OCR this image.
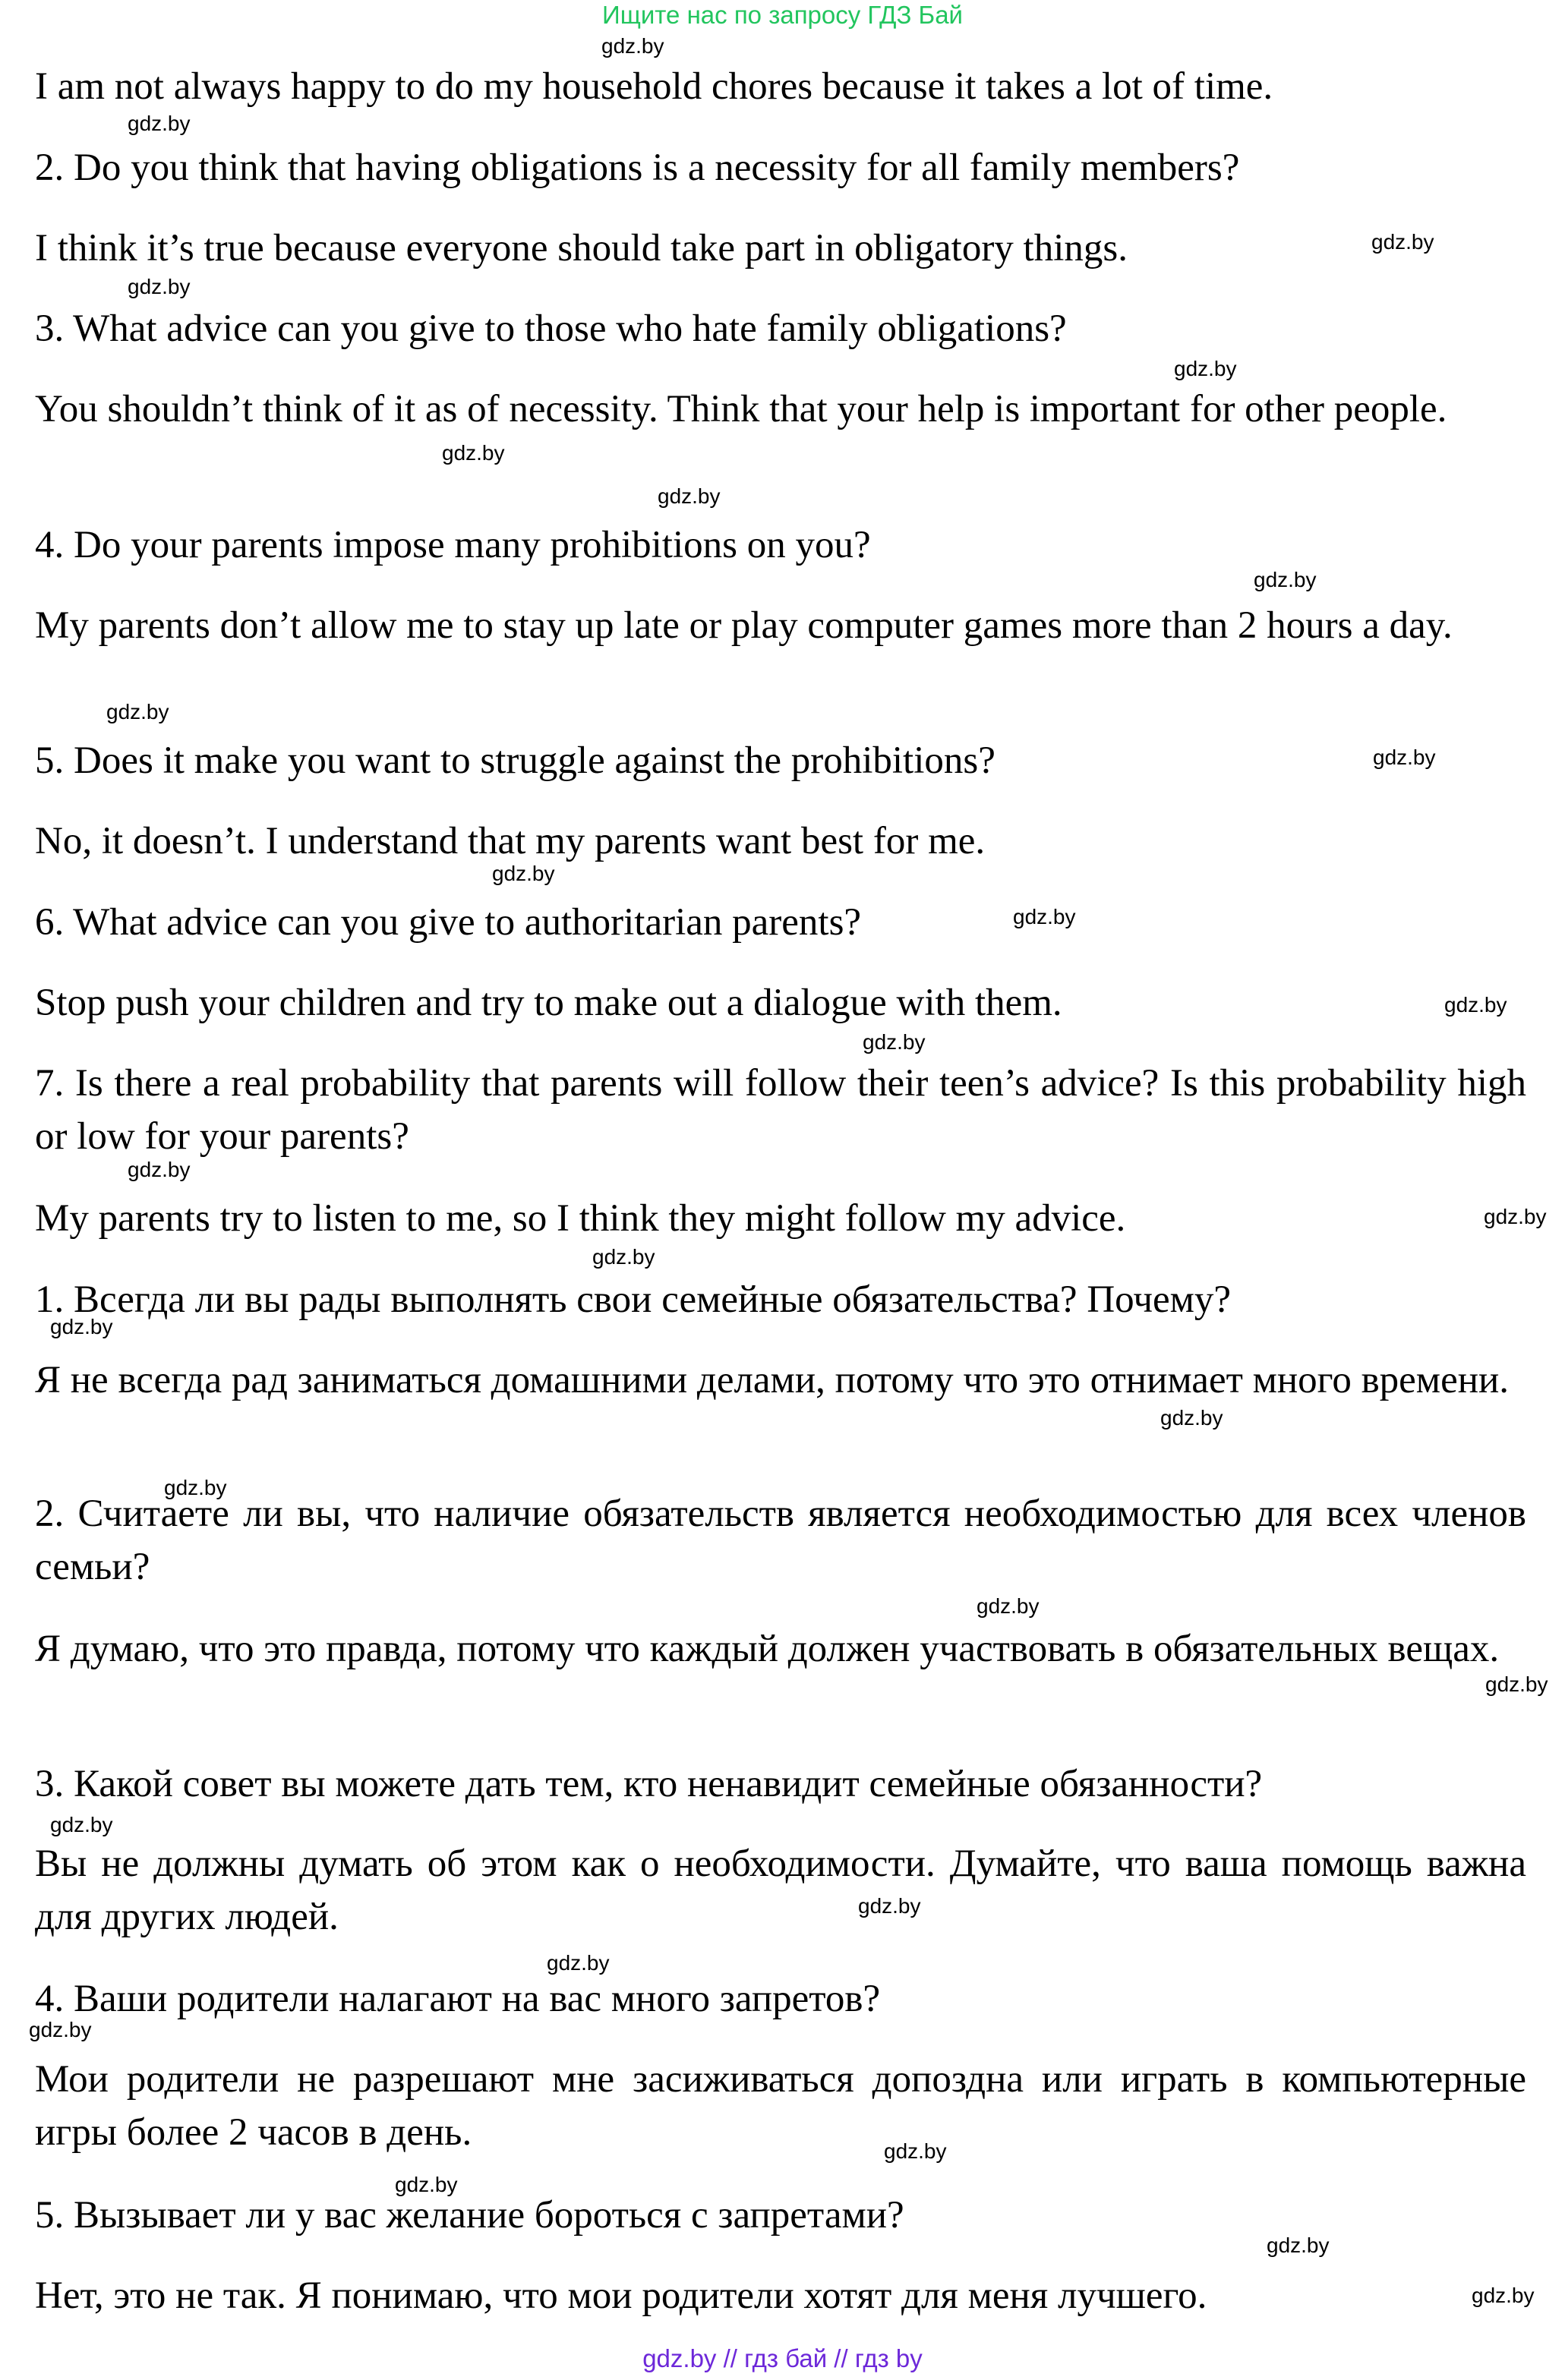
Ищите нас по запросу ГДЗ Бай
I am not always happy to do my household chores because it takes a lot of time.
2. Do you think that having obligations is a necessity for all family members?
I think it’s true because everyone should take part in obligatory things.
3. What advice can you give to those who hate family obligations?
You shouldn’t think of it as of necessity. Think that your help is important for other people.
4. Do your parents impose many prohibitions on you?
My parents don’t allow me to stay up late or play computer games more than 2 hours a day.
5. Does it make you want to struggle against the prohibitions?
No, it doesn’t. I understand that my parents want best for me.
6. What advice can you give to authoritarian parents?
Stop push your children and try to make out a dialogue with them.
7. Is there a real probability that parents will follow their teen’s advice? Is this probability high or low for your parents?
My parents try to listen to me, so I think they might follow my advice.
1. Всегда ли вы рады выполнять свои семейные обязательства? Почему?
Я не всегда рад заниматься домашними делами, потому что это отнимает много времени.
2. Считаете ли вы, что наличие обязательств является необходимостью для всех членов семьи?
Я думаю, что это правда, потому что каждый должен участвовать в обязательных вещах.
3. Какой совет вы можете дать тем, кто ненавидит семейные обязанности?
Вы не должны думать об этом как о необходимости. Думайте, что ваша помощь важна для других людей.
4. Ваши родители налагают на вас много запретов?
Мои родители не разрешают мне засиживаться допоздна или играть в компьютерные игры более 2 часов в день.
5. Вызывает ли у вас желание бороться с запретами?
Нет, это не так. Я понимаю, что мои родители хотят для меня лучшего.
gdz.by
gdz.by
gdz.by
gdz.by
gdz.by
gdz.by
gdz.by
gdz.by
gdz.by
gdz.by
gdz.by
gdz.by
gdz.by
gdz.by
gdz.by
gdz.by
gdz.by
gdz.by
gdz.by
gdz.by
gdz.by
gdz.by
gdz.by
gdz.by
gdz.by
gdz.by
gdz.by
gdz.by
gdz.by
gdz.by
gdz.by // гдз бай // гдз by
